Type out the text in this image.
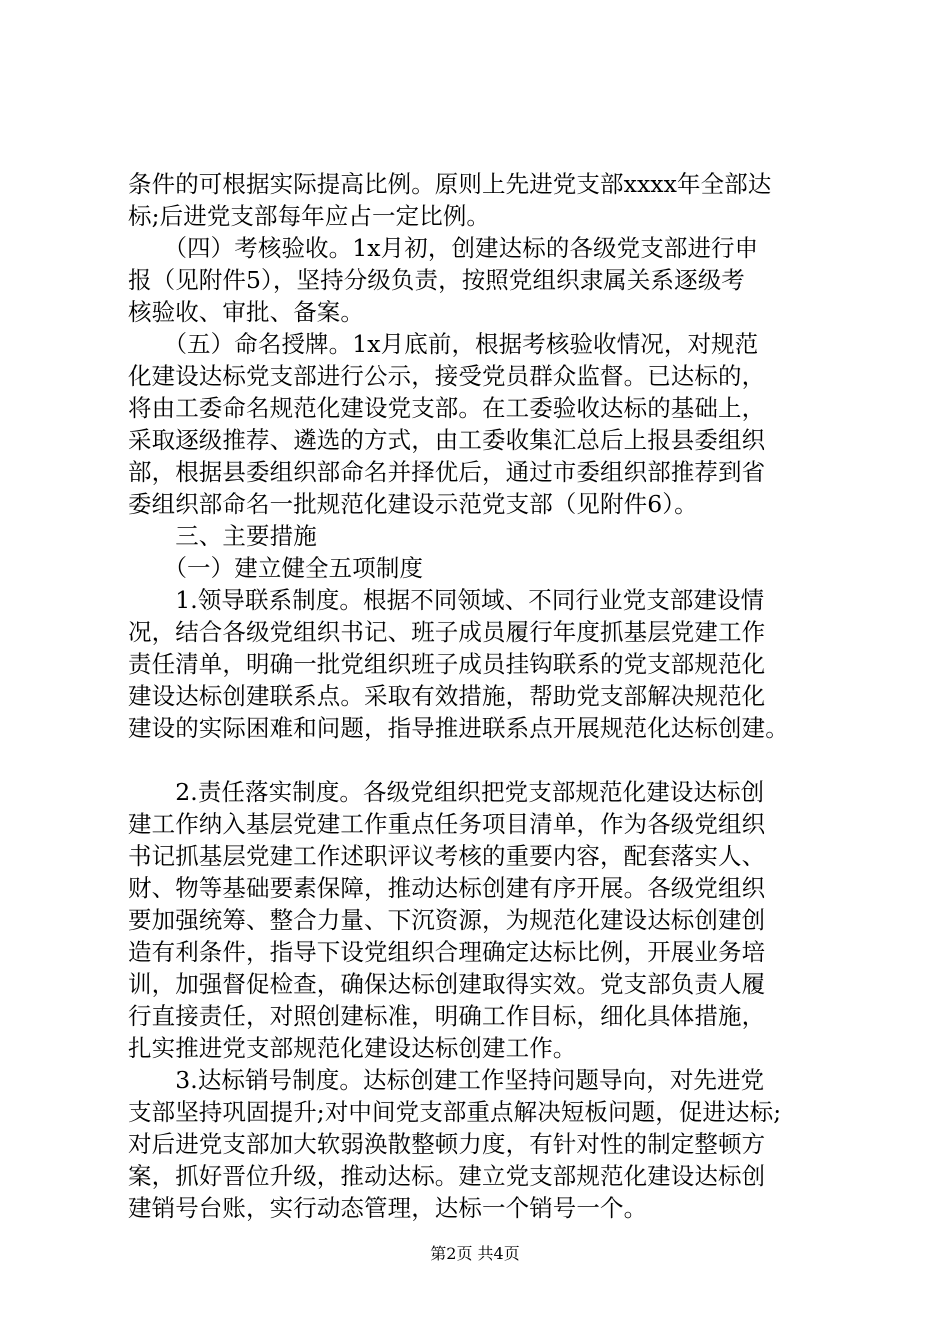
条件的可根据实际提高比例。原则上先进党支部xxxx年全部达
标;后进党支部每年应占一定比例。
　　（四）考核验收。1x月初，创建达标的各级党支部进行申
报（见附件5），坚持分级负责，按照党组织隶属关系逐级考
核验收、审批、备案。
　　（五）命名授牌。1x月底前，根据考核验收情况，对规范
化建设达标党支部进行公示，接受党员群众监督。已达标的，
将由工委命名规范化建设党支部。在工委验收达标的基础上，
采取逐级推荐、遴选的方式，由工委收集汇总后上报县委组织
部，根据县委组织部命名并择优后，通过市委组织部推荐到省
委组织部命名一批规范化建设示范党支部（见附件6）。
　　三、主要措施
　　（一）建立健全五项制度
　　1.领导联系制度。根据不同领域、不同行业党支部建设情
况，结合各级党组织书记、班子成员履行年度抓基层党建工作
责任清单，明确一批党组织班子成员挂钩联系的党支部规范化
建设达标创建联系点。采取有效措施，帮助党支部解决规范化
建设的实际困难和问题，指导推进联系点开展规范化达标创建。
　　2.责任落实制度。各级党组织把党支部规范化建设达标创
建工作纳入基层党建工作重点任务项目清单，作为各级党组织
书记抓基层党建工作述职评议考核的重要内容，配套落实人、
财、物等基础要素保障，推动达标创建有序开展。各级党组织
要加强统筹、整合力量、下沉资源，为规范化建设达标创建创
造有利条件，指导下设党组织合理确定达标比例，开展业务培
训，加强督促检查，确保达标创建取得实效。党支部负责人履
行直接责任，对照创建标准，明确工作目标，细化具体措施，
扎实推进党支部规范化建设达标创建工作。
　　3.达标销号制度。达标创建工作坚持问题导向，对先进党
支部坚持巩固提升;对中间党支部重点解决短板问题，促进达标;
对后进党支部加大软弱涣散整顿力度，有针对性的制定整顿方
案，抓好晋位升级，推动达标。建立党支部规范化建设达标创
建销号台账，实行动态管理，达标一个销号一个。
第2页 共4页
